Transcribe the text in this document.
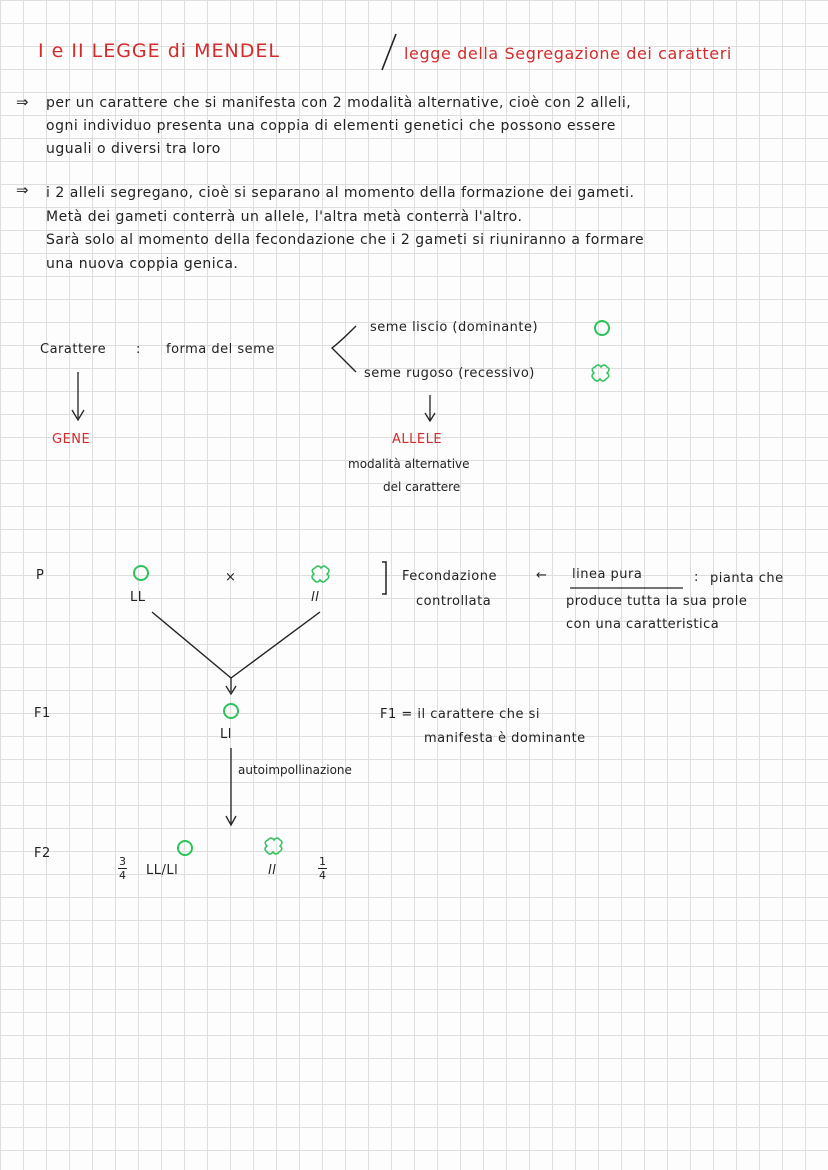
I e II LEGGE di MENDEL	legge della Segregazione dei caratteri
⇒ per un carattere che si manifesta con 2 modalità alternative, cioè con 2 alleli,
ogni individuo presenta una coppia di elementi genetici che possono essere
uguali o diversi tra loro
⇒ i 2 alleli segregano, cioè si separano al momento della formazione dei gameti.
Metà dei gameti conterrà un allele, l'altra metà conterrà l'altro.
Sarà solo al momento della fecondazione che i 2 gameti si riuniranno a formare
una nuova coppia genica.
Carattere : forma del seme
seme liscio (dominante)
seme rugoso (recessivo)
GENE	ALLELE
modalità alternative
del carattere
P
LL
×
ll
Fecondazione
controllata
← linea pura	: pianta che
produce tutta la sua prole
con una caratteristica
F1
Ll
F1 = il carattere che si
manifesta è dominante
autoimpollinazione
F2
$\frac{3}{4} LL/Ll$	ll	$\frac{1}{4}$
